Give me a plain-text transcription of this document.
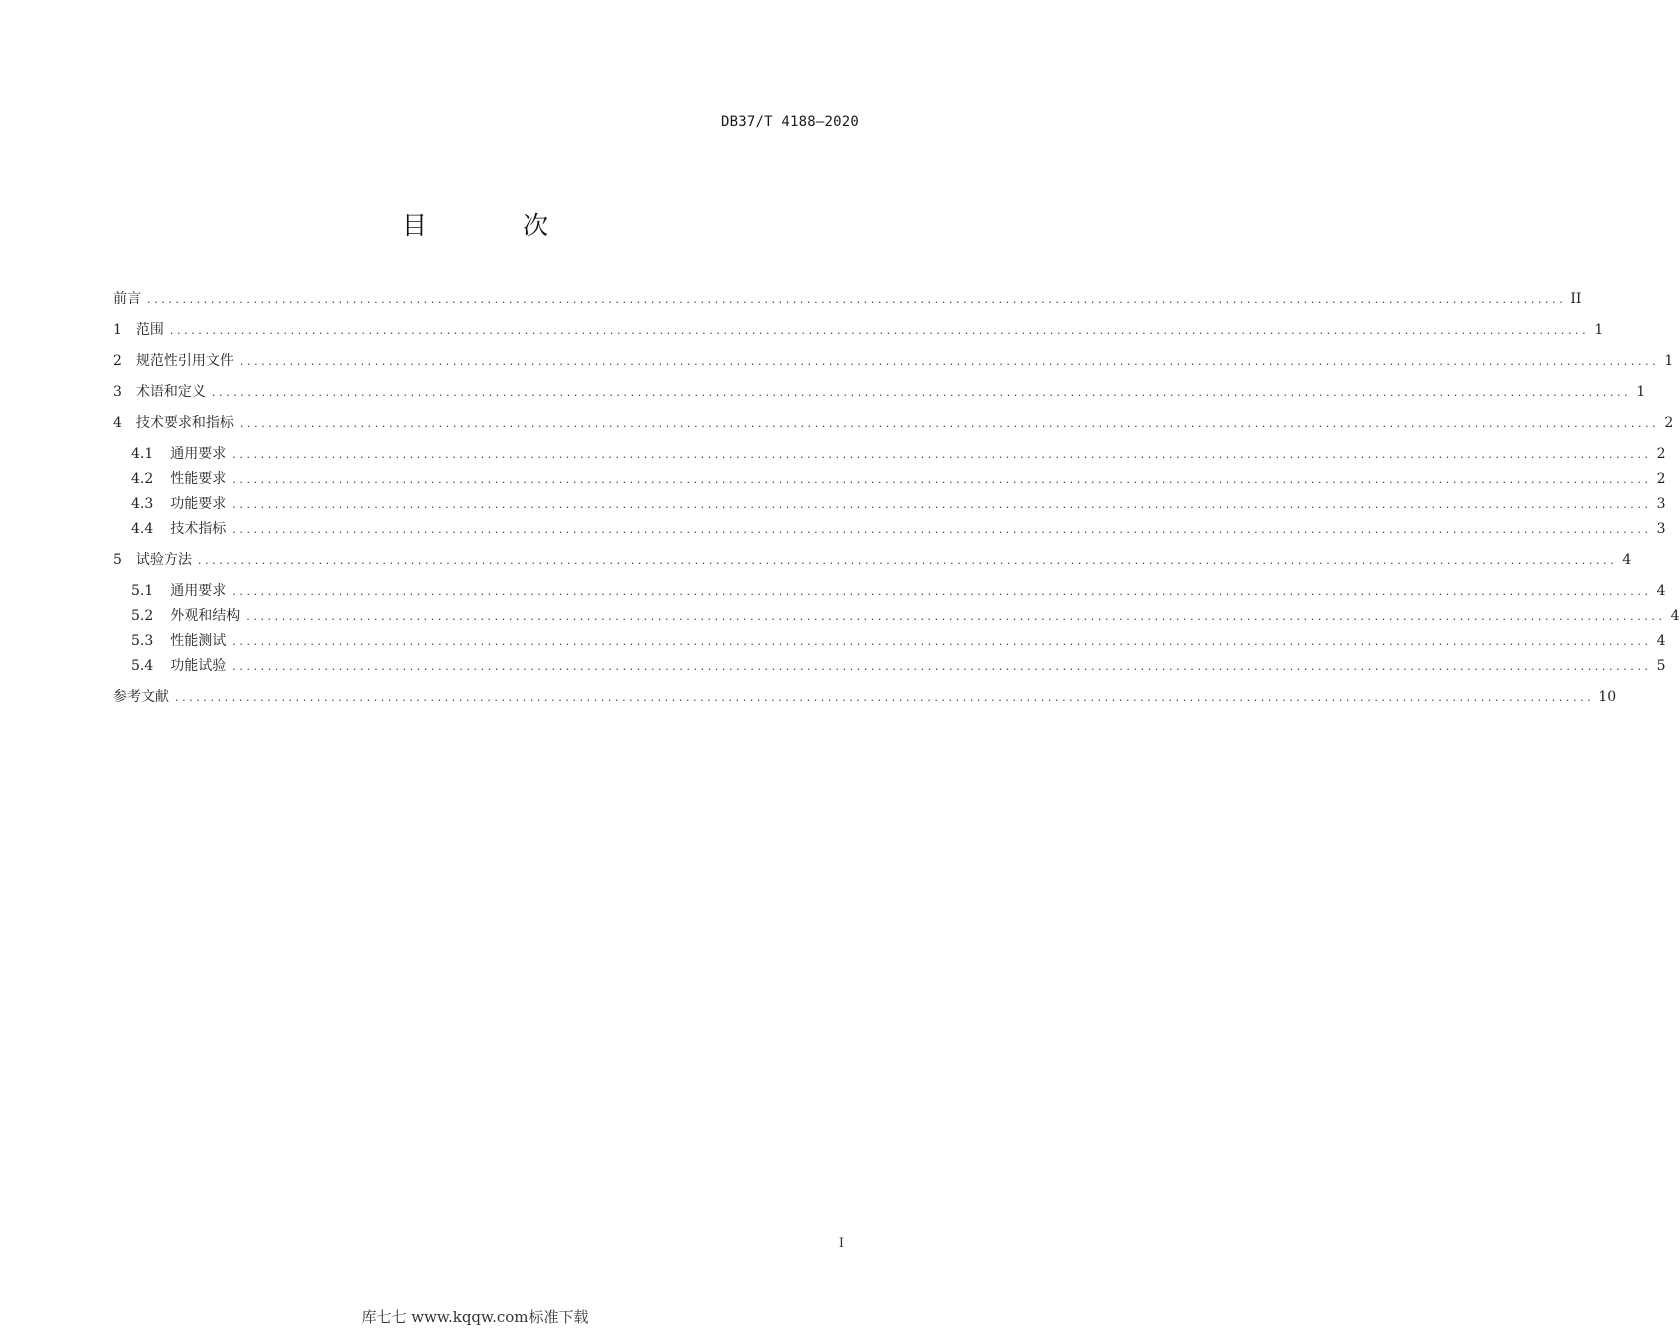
DB37/T 4188—2020
目 次
前言 ........................................................................................................................................................................................................ II
1 范围 ........................................................................................................................................................................................................ 1
2 规范性引用文件 ........................................................................................................................................................................................................ 1
3 术语和定义 ........................................................................................................................................................................................................ 1
4 技术要求和指标 ........................................................................................................................................................................................................ 2
4.1 通用要求 ........................................................................................................................................................................................................ 2
4.2 性能要求 ........................................................................................................................................................................................................ 2
4.3 功能要求 ........................................................................................................................................................................................................ 3
4.4 技术指标 ........................................................................................................................................................................................................ 3
5 试验方法 ........................................................................................................................................................................................................ 4
5.1 通用要求 ........................................................................................................................................................................................................ 4
5.2 外观和结构 ........................................................................................................................................................................................................ 4
5.3 性能测试 ........................................................................................................................................................................................................ 4
5.4 功能试验 ........................................................................................................................................................................................................ 5
参考文献 ........................................................................................................................................................................................................ 10
I
库七七 www.kqqw.com标准下载
